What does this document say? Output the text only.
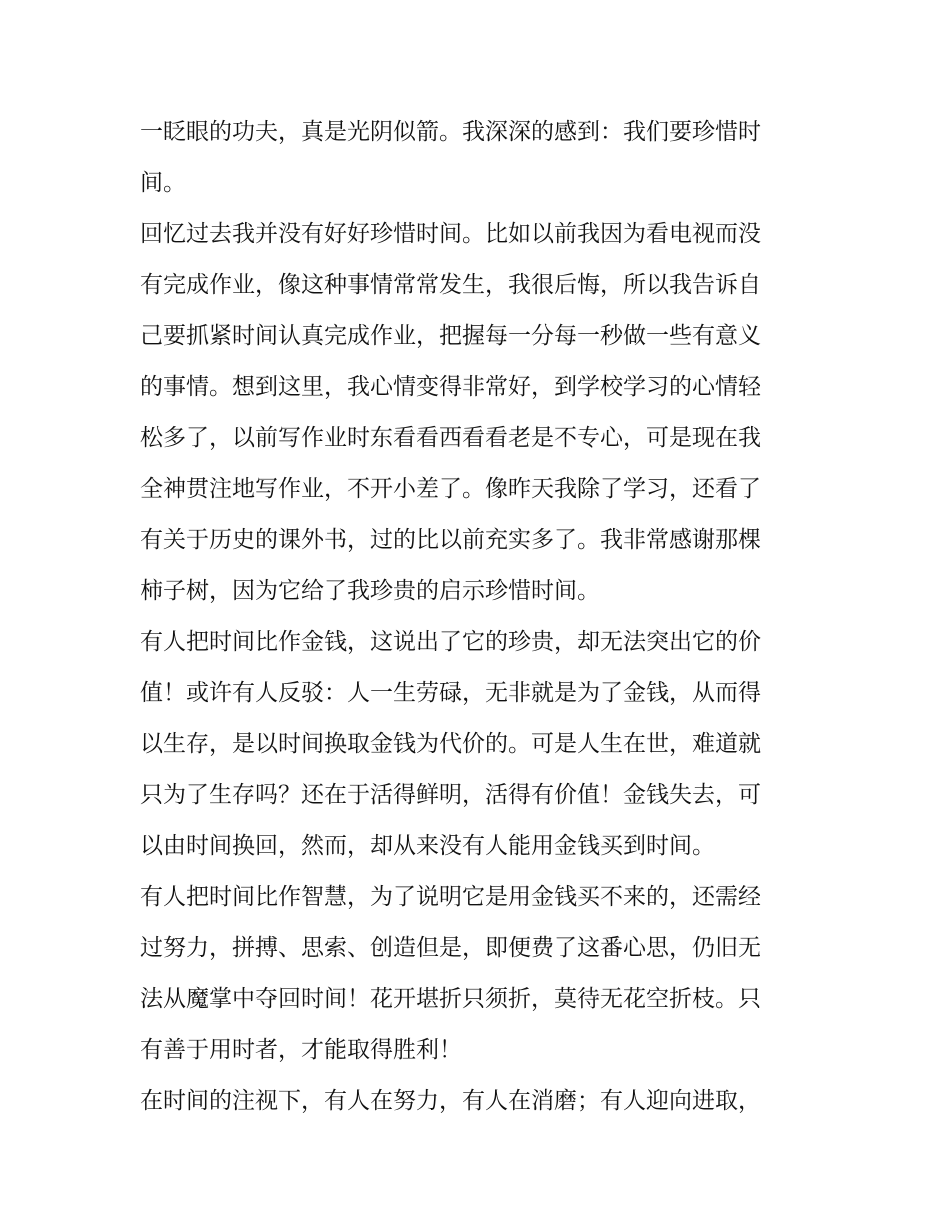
一眨眼的功夫，真是光阴似箭。我深深的感到：我们要珍惜时
间。
回忆过去我并没有好好珍惜时间。比如以前我因为看电视而没
有完成作业，像这种事情常常发生，我很后悔，所以我告诉自
己要抓紧时间认真完成作业，把握每一分每一秒做一些有意义
的事情。想到这里，我心情变得非常好，到学校学习的心情轻
松多了，以前写作业时东看看西看看老是不专心，可是现在我
全神贯注地写作业，不开小差了。像昨天我除了学习，还看了
有关于历史的课外书，过的比以前充实多了。我非常感谢那棵
柿子树，因为它给了我珍贵的启示珍惜时间。
有人把时间比作金钱，这说出了它的珍贵，却无法突出它的价
值！或许有人反驳：人一生劳碌，无非就是为了金钱，从而得
以生存，是以时间换取金钱为代价的。可是人生在世，难道就
只为了生存吗？还在于活得鲜明，活得有价值！金钱失去，可
以由时间换回，然而，却从来没有人能用金钱买到时间。
有人把时间比作智慧，为了说明它是用金钱买不来的，还需经
过努力，拼搏、思索、创造但是，即便费了这番心思，仍旧无
法从魔掌中夺回时间！花开堪折只须折，莫待无花空折枝。只
有善于用时者，才能取得胜利！
在时间的注视下，有人在努力，有人在消磨；有人迎向进取，
